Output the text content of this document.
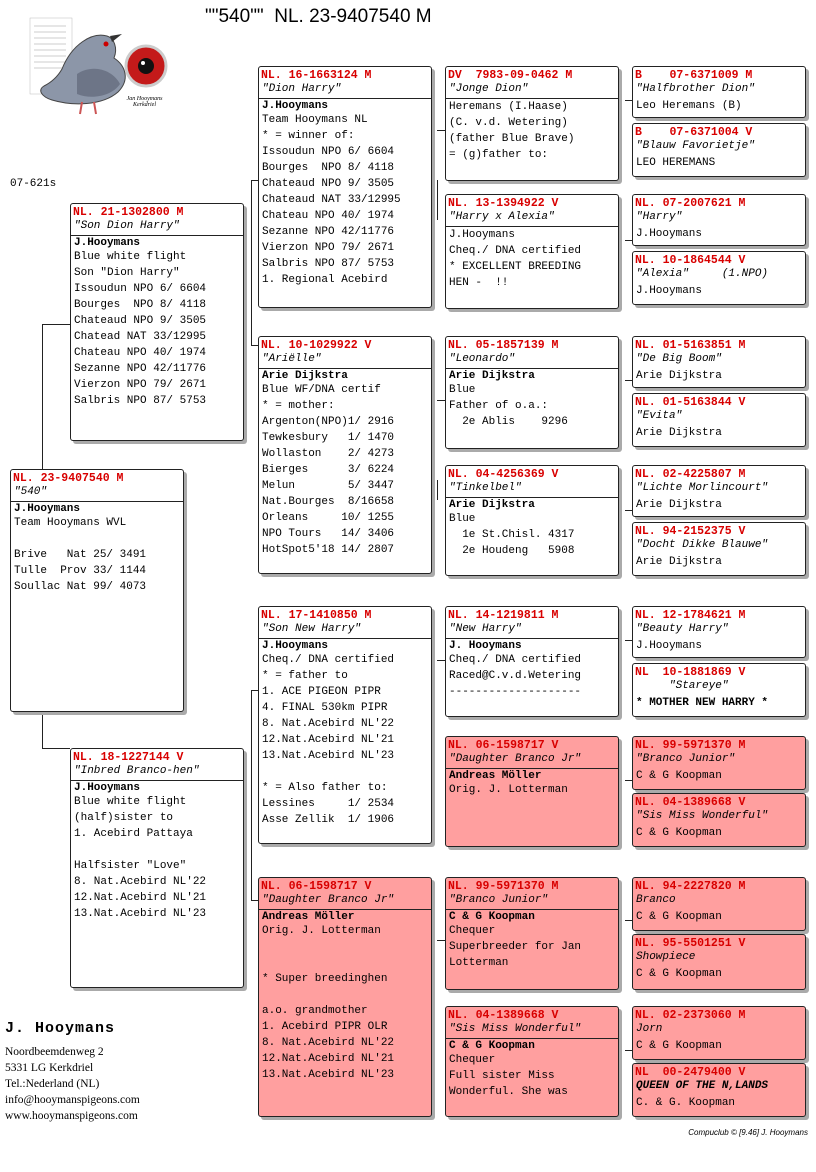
""540""  NL. 23-9407540 M
Jan Hooymans Kerkdriel
07-621s
NL. 23-9407540 M
"540"
J.Hooymans
Team Hooymans WVL

Brive   Nat 25/ 3491
Tulle  Prov 33/ 1144
Soullac Nat 99/ 4073
NL. 21-1302800 M
"Son Dion Harry"
J.Hooymans
Blue white flight
Son "Dion Harry"
Issoudun NPO 6/ 6604
Bourges  NPO 8/ 4118
Chateaud NPO 9/ 3505
Chatead NAT 33/12995
Chateau NPO 40/ 1974
Sezanne NPO 42/11776
Vierzon NPO 79/ 2671
Salbris NPO 87/ 5753
NL. 18-1227144 V
"Inbred Branco-hen"
J.Hooymans
Blue white flight
(half)sister to
1. Acebird Pattaya

Halfsister "Love"
8. Nat.Acebird NL'22
12.Nat.Acebird NL'21
13.Nat.Acebird NL'23
NL. 16-1663124 M
"Dion Harry"
J.Hooymans
Team Hooymans NL
* = winner of:
Issoudun NPO 6/ 6604
Bourges  NPO 8/ 4118
Chateaud NPO 9/ 3505
Chateaud NAT 33/12995
Chateau NPO 40/ 1974
Sezanne NPO 42/11776
Vierzon NPO 79/ 2671
Salbris NPO 87/ 5753
1. Regional Acebird
NL. 10-1029922 V
"Ariëlle"
Arie Dijkstra
Blue WF/DNA certif
* = mother:
Argenton(NPO)1/ 2916
Tewkesbury   1/ 1470
Wollaston    2/ 4273
Bierges      3/ 6224
Melun        5/ 3447
Nat.Bourges  8/16658
Orleans     10/ 1255
NPO Tours   14/ 3406
HotSpot5'18 14/ 2807
NL. 17-1410850 M
"Son New Harry"
J.Hooymans
Cheq./ DNA certified
* = father to
1. ACE PIGEON PIPR
4. FINAL 530km PIPR
8. Nat.Acebird NL'22
12.Nat.Acebird NL'21
13.Nat.Acebird NL'23

* = Also father to:
Lessines     1/ 2534
Asse Zellik  1/ 1906
NL. 06-1598717 V
"Daughter Branco Jr"
Andreas Möller
Orig. J. Lotterman

* Super breedinghen

a.o. grandmother
1. Acebird PIPR OLR
8. Nat.Acebird NL'22
12.Nat.Acebird NL'21
13.Nat.Acebird NL'23
DV  7983-09-0462 M
"Jonge Dion"
Heremans (I.Haase)
(C. v.d. Wetering)
(father Blue Brave)
= (g)father to:
NL. 13-1394922 V
"Harry x Alexia"
J.Hooymans
Cheq./ DNA certified
* EXCELLENT BREEDING
HEN -  !!
NL. 05-1857139 M
"Leonardo"
Arie Dijkstra
Blue
Father of o.a.:
2e Ablis    9296
NL. 04-4256369 V
"Tinkelbel"
Arie Dijkstra
Blue
1e St.Chisl. 4317
2e Houdeng   5908
NL. 14-1219811 M
"New Harry"
J. Hooymans
Cheq./ DNA certified
Raced@C.v.d.Wetering
--------------------
NL. 06-1598717 V
"Daughter Branco Jr"
Andreas Möller
Orig. J. Lotterman
NL. 99-5971370 M
"Branco Junior"
C & G Koopman
Chequer
Superbreeder for Jan
Lotterman
NL. 04-1389668 V
"Sis Miss Wonderful"
C & G Koopman
Chequer
Full sister Miss
Wonderful. She was
B    07-6371009 M
"Halfbrother Dion"
Leo Heremans (B)
B    07-6371004 V
"Blauw Favorietje"
LEO HEREMANS
NL. 07-2007621 M
"Harry"
J.Hooymans
NL. 10-1864544 V
"Alexia"     (1.NPO)
J.Hooymans
NL. 01-5163851 M
"De Big Boom"
Arie Dijkstra
NL. 01-5163844 V
"Evita"
Arie Dijkstra
NL. 02-4225807 M
"Lichte Morlincourt"
Arie Dijkstra
NL. 94-2152375 V
"Docht Dikke Blauwe"
Arie Dijkstra
NL. 12-1784621 M
"Beauty Harry"
J.Hooymans
NL  10-1881869 V
"Stareye"
* MOTHER NEW HARRY *
NL. 99-5971370 M
"Branco Junior"
C & G Koopman
NL. 04-1389668 V
"Sis Miss Wonderful"
C & G Koopman
NL. 94-2227820 M
Branco
C & G Koopman
NL. 95-5501251 V
Showpiece
C & G Koopman
NL. 02-2373060 M
Jorn
C & G Koopman
NL  00-2479400 V
QUEEN OF THE N,LANDS
C. & G. Koopman
J. Hooymans
Noordbeemdenweg 2
5331 LG Kerkdriel
Tel.:Nederland (NL)
info@hooymanspigeons.com
www.hooymanspigeons.com
Compuclub © [9.46] J. Hooymans
